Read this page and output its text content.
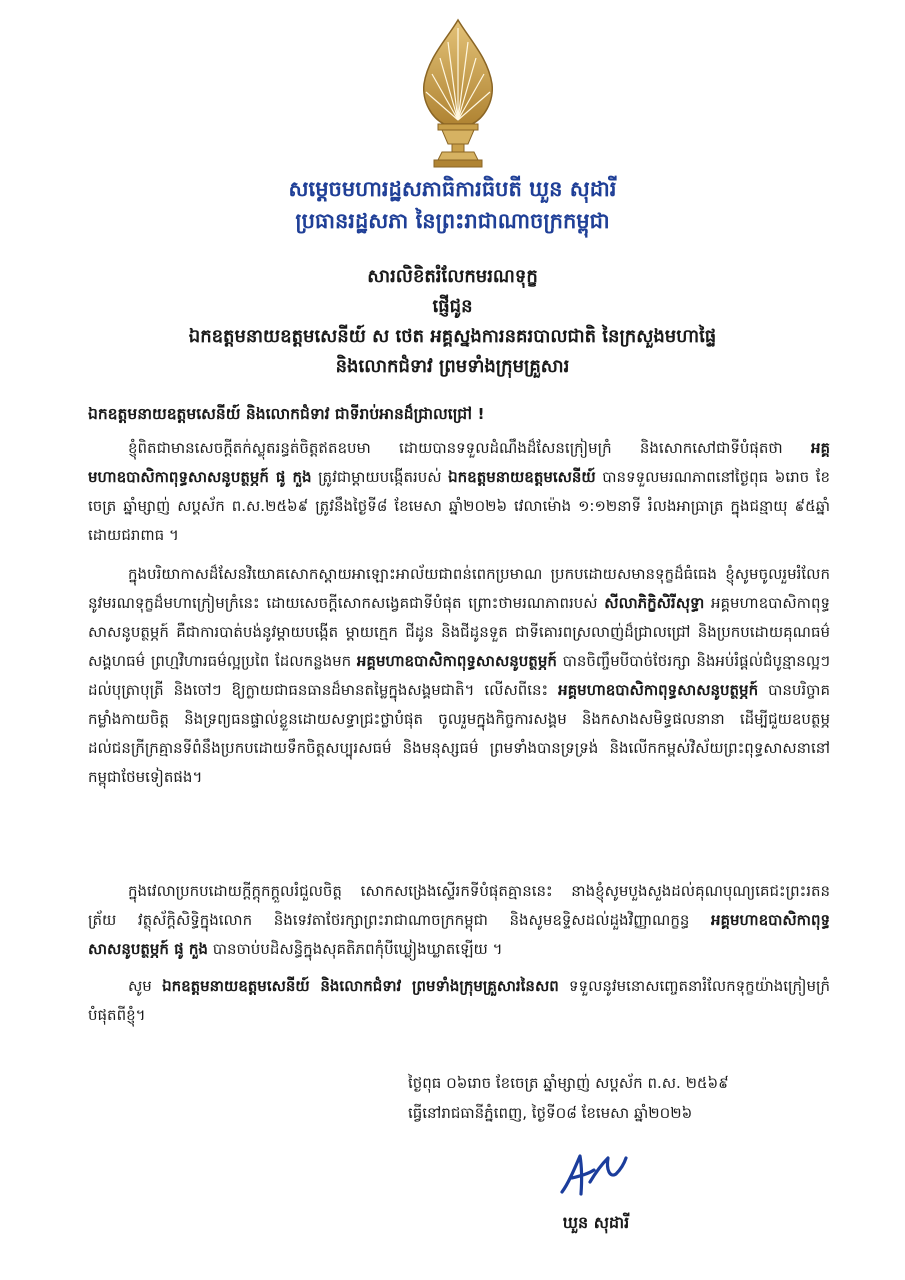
សម្ដេចមហារដ្ឋសភាធិការធិបតី ឃួន សុដារី
ប្រធានរដ្ឋសភា នៃព្រះរាជាណាចក្រកម្ពុជា
សារលិខិតរំលែកមរណទុក្ខ
ផ្ញើជូន
ឯកឧត្តមនាយឧត្តមសេនីយ៍ ស ថេត អគ្គស្នងការនគរបាលជាតិ នៃក្រសួងមហាផ្ទៃ
និងលោកជំទាវ ព្រមទាំងក្រុមគ្រួសារ
ឯកឧត្តមនាយឧត្តមសេនីយ៍ និងលោកជំទាវ ជាទីរាប់អានដ៏ជ្រាលជ្រៅ !

ខ្ញុំពិតជាមានសេចក្ដីតក់ស្លុតរន្ធត់ចិត្តឥតឧបមា ដោយបានទទួលដំណឹងដ៏សែនក្រៀមក្រំ និងសោកសៅជាទីបំផុតថា អគ្គមហាឧបាសិកាពុទ្ធសាសនូបត្ថម្ភក៍ ផូ កួង ត្រូវជាម្ដាយបង្កើតរបស់ ឯកឧត្តមនាយឧត្តមសេនីយ៍ បានទទួលមរណភាពនៅថ្ងៃពុធ ៦រោច ខែចេត្រ ឆ្នាំម្សាញ់ សប្តស័ក ព.ស.២៥៦៩ ត្រូវនឹងថ្ងៃទី៨ ខែមេសា ឆ្នាំ២០២៦ វេលាម៉ោង ១:១២នាទី រំលងអាធ្រាត្រ ក្នុងជន្មាយុ ៩៥ឆ្នាំ ដោយជរាពាធ ។

ក្នុងបរិយាកាសដ៏សែនវិយោគសោកស្ដាយអាឡោះអាល័យជាពន់ពេកប្រមាណ ប្រកបដោយសមានទុក្ខដ៏ធំធេង ខ្ញុំសូមចូលរួមរំលែកនូវមរណទុក្ខដ៏មហាក្រៀមក្រំនេះ ដោយសេចក្ដីសោកសង្វេគជាទីបំផុត ព្រោះថាមរណភាពរបស់ សីលាភិក្ខិសិរីសុទ្ធា អគ្គមហាឧបាសិកាពុទ្ធសាសនូបត្ថម្ភក៍ គឺជាការបាត់បង់នូវម្ដាយបង្កើត ម្ដាយក្មេក ជីដូន និងជីដូនទួត ជាទីគោរពស្រលាញ់ដ៏ជ្រាលជ្រៅ និងប្រកបដោយគុណធម៌ សង្គហធម៌ ព្រហ្មវិហារធម៌ល្អប្រពៃ ដែលកន្លងមក អគ្គមហាឧបាសិកាពុទ្ធសាសនូបត្ថម្ភក៍ បានចិញ្ចឹមបីបាច់ថែរក្សា និងអប់រំផ្ដល់ជំបូន្មានល្អៗ ដល់បុត្រាបុត្រី និងចៅៗ ឱ្យក្លាយជាធនធានដ៏មានតម្លៃក្នុងសង្គមជាតិ។ លើសពីនេះ អគ្គមហាឧបាសិកាពុទ្ធសាសនូបត្ថម្ភក៍ បានបរិច្ចាគកម្លាំងកាយចិត្ត និងទ្រព្យធនផ្ទាល់ខ្លួនដោយសទ្ធាជ្រះថ្លាបំផុត ចូលរួមក្នុងកិច្ចការសង្គម និងកសាងសមិទ្ធផលនានា ដើម្បីជួយឧបត្ថម្ភដល់ជនក្រីក្រគ្មានទីពំនឹងប្រកបដោយទឹកចិត្តសប្បុរសធម៌ និងមនុស្សធម៌ ព្រមទាំងបានទ្រទ្រង់ និងលើកកម្ពស់វិស័យព្រះពុទ្ធសាសនានៅកម្ពុជាថែមទៀតផង។

ក្នុងវេលាប្រកបដោយក្ដីក្តុកក្តួលរំជួលចិត្ត សោកសង្រេងស្ទើរកទីបំផុតគ្មាននេះ នាងខ្ញុំសូមបួងសួងដល់គុណបុណ្យគេជះព្រះរតនត្រ័យ វត្ថុស័ក្តិសិទ្ធិក្នុងលោក និងទេវតាថែរក្សាព្រះរាជាណាចក្រកម្ពុជា និងសូមឧទ្ទិសដល់ដួងវិញ្ញាណក្ខន្ធ អគ្គមហាឧបាសិកាពុទ្ធសាសនូបត្ថម្ភក៍ ផូ កួង បានចាប់បដិសន្ធិក្នុងសុគតិភពកុំបីឃ្លៀងឃ្លាតឡើយ ។

សូម ឯកឧត្តមនាយឧត្តមសេនីយ៍ និងលោកជំទាវ ព្រមទាំងក្រុមគ្រួសារនៃសព ទទួលនូវមនោសញ្ចេតនារំលែកទុក្ខយ៉ាងក្រៀមក្រំបំផុតពីខ្ញុំ។

ថ្ងៃពុធ ០៦រោច ខែចេត្រ ឆ្នាំម្សាញ់ សប្តស័ក ព.ស. ២៥៦៩
ធ្វើនៅរាជធានីភ្នំពេញ, ថ្ងៃទី០៨ ខែមេសា ឆ្នាំ២០២៦
ឃួន សុដារី
